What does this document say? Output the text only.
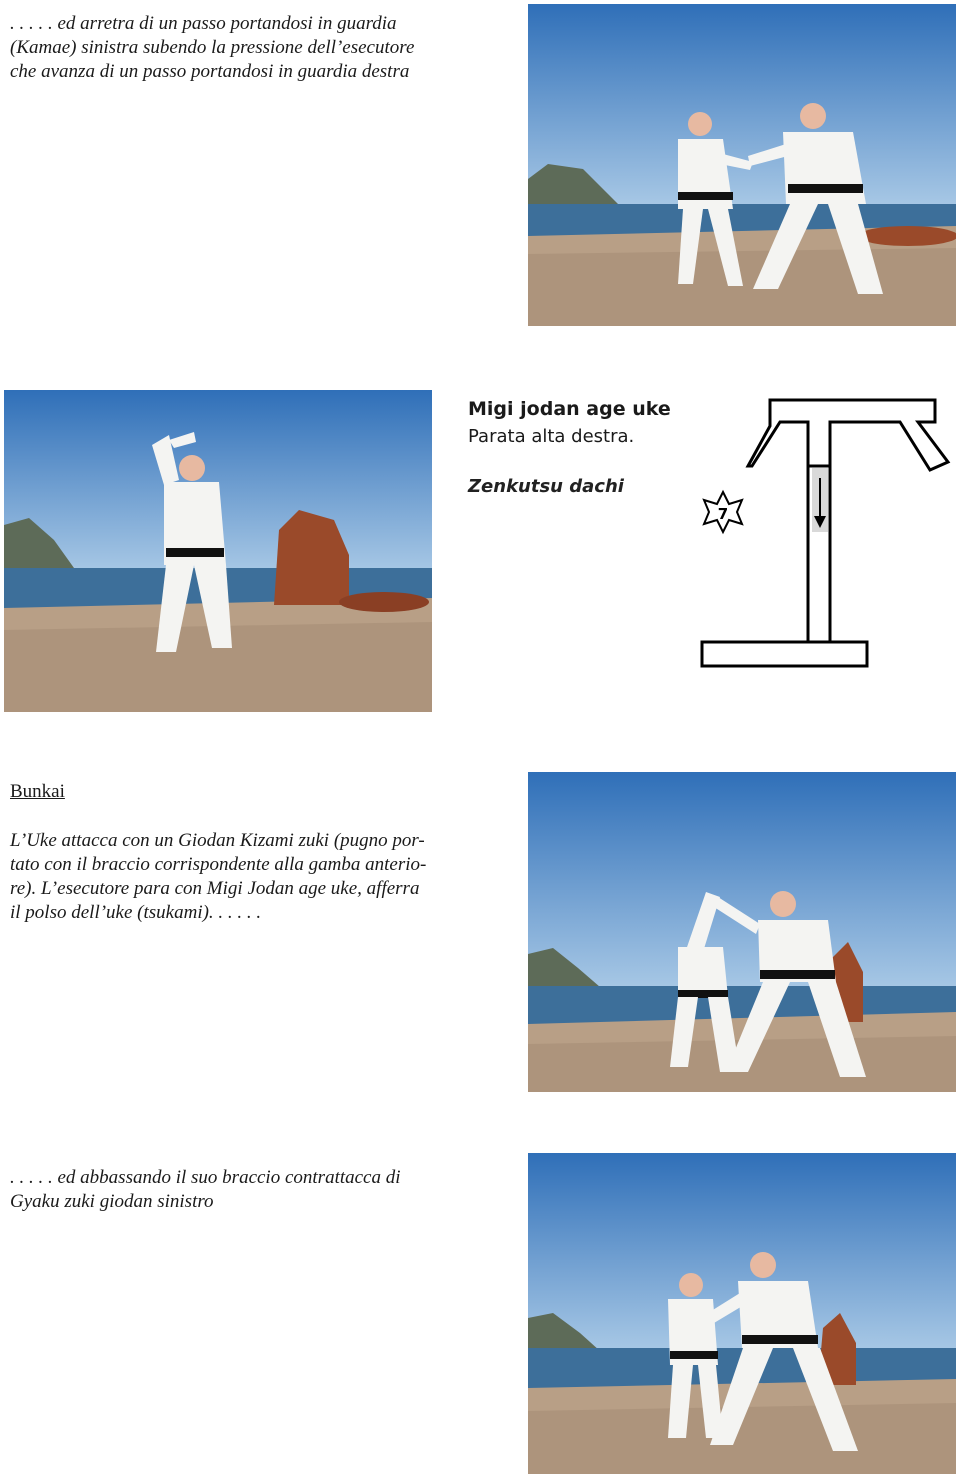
. . . . . ed arretra di un passo portandosi in guardia
(Kamae) sinistra subendo la pressione dell’esecutore
che avanza di un passo portandosi in guardia destra
Migi jodan age uke
Parata alta destra.
Zenkutsu dachi
7
Bunkai
L’Uke attacca con un Giodan Kizami zuki (pugno por-
tato con il braccio corrispondente alla gamba anterio-
re). L’esecutore para con Migi Jodan age uke, afferra
il polso dell’uke (tsukami). . . . . .
. . . . . ed abbassando il suo braccio contrattacca di
Gyaku zuki giodan sinistro
